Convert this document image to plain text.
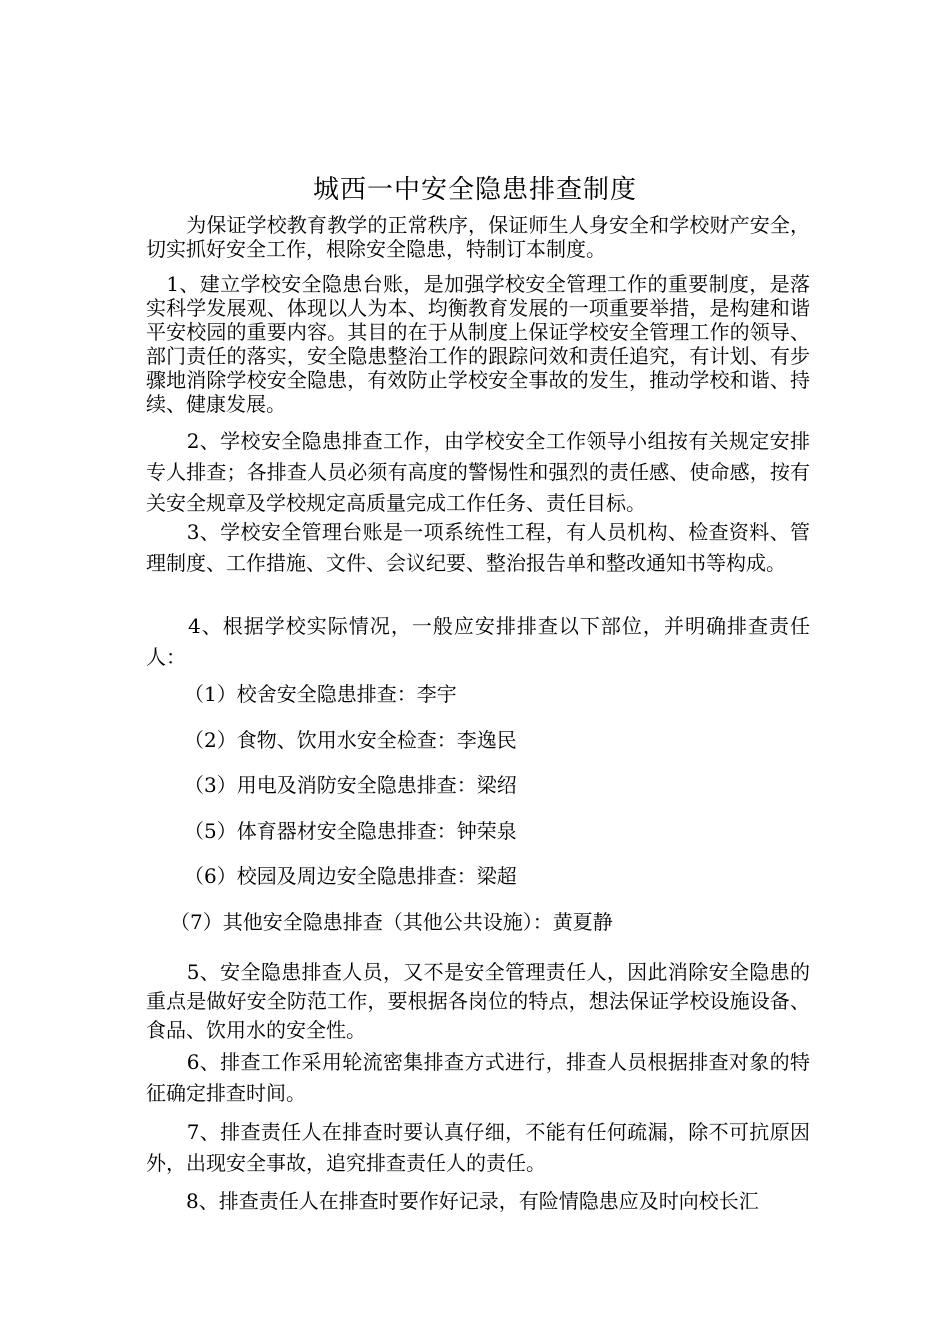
城西一中安全隐患排查制度

　　为保证学校教育教学的正常秩序，保证师生人身安全和学校财产安全，切实抓好安全工作，根除安全隐患，特制订本制度。

　1、建立学校安全隐患台账，是加强学校安全管理工作的重要制度，是落实科学发展观、体现以人为本、均衡教育发展的一项重要举措，是构建和谐平安校园的重要内容。其目的在于从制度上保证学校安全管理工作的领导、部门责任的落实，安全隐患整治工作的跟踪问效和责任追究，有计划、有步骤地消除学校安全隐患，有效防止学校安全事故的发生，推动学校和谐、持续、健康发展。

　　2、学校安全隐患排查工作，由学校安全工作领导小组按有关规定安排专人排查；各排查人员必须有高度的警惕性和强烈的责任感、使命感，按有关安全规章及学校规定高质量完成工作任务、责任目标。

　　3、学校安全管理台账是一项系统性工程，有人员机构、检查资料、管理制度、工作措施、文件、会议纪要、整治报告单和整改通知书等构成。

　　4、根据学校实际情况，一般应安排排查以下部位，并明确排查责任人：

（1）校舍安全隐患排查：李宇
（2）食物、饮用水安全检查：李逸民
（3）用电及消防安全隐患排查：梁绍
（5）体育器材安全隐患排查：钟荣泉
（6）校园及周边安全隐患排查：梁超
（7）其他安全隐患排查（其他公共设施）：黄夏静

　　5、安全隐患排查人员，又不是安全管理责任人，因此消除安全隐患的重点是做好安全防范工作，要根据各岗位的特点，想法保证学校设施设备、食品、饮用水的安全性。

　　6、排查工作采用轮流密集排查方式进行，排查人员根据排查对象的特征确定排查时间。

　　7、排查责任人在排查时要认真仔细，不能有任何疏漏，除不可抗原因外，出现安全事故，追究排查责任人的责任。

　　8、排查责任人在排查时要作好记录，有险情隐患应及时向校长汇
